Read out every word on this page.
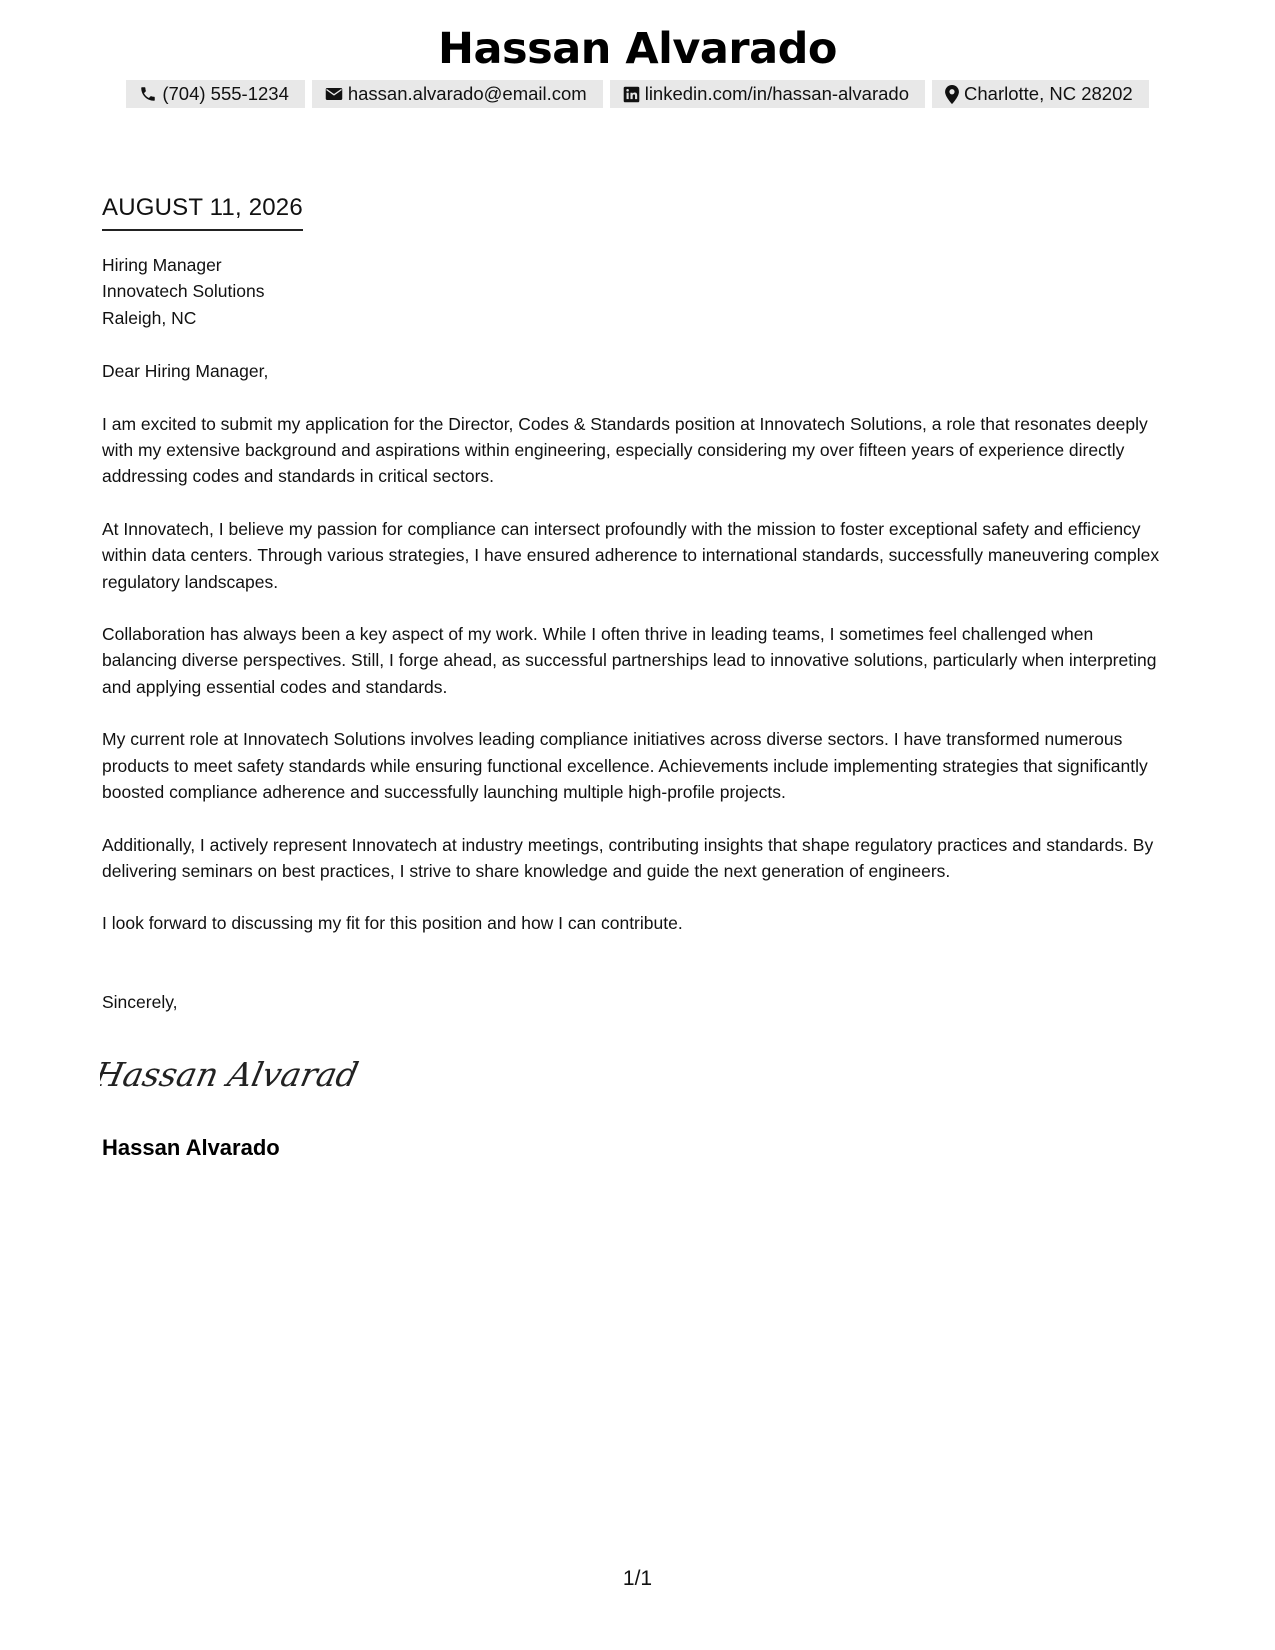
Hassan Alvarado
(704) 555-1234	hassan.alvarado@email.com	linkedin.com/in/hassan-alvarado	Charlotte, NC 28202
AUGUST 11, 2026
Hiring Manager
Innovatech Solutions
Raleigh, NC

Dear Hiring Manager,

I am excited to submit my application for the Director, Codes & Standards position at Innovatech Solutions, a role that resonates deeply with my extensive background and aspirations within engineering, especially considering my over fifteen years of experience directly addressing codes and standards in critical sectors.

At Innovatech, I believe my passion for compliance can intersect profoundly with the mission to foster exceptional safety and efficiency within data centers. Through various strategies, I have ensured adherence to international standards, successfully maneuvering complex regulatory landscapes.

Collaboration has always been a key aspect of my work. While I often thrive in leading teams, I sometimes feel challenged when balancing diverse perspectives. Still, I forge ahead, as successful partnerships lead to innovative solutions, particularly when interpreting and applying essential codes and standards.

My current role at Innovatech Solutions involves leading compliance initiatives across diverse sectors. I have transformed numerous products to meet safety standards while ensuring functional excellence. Achievements include implementing strategies that significantly boosted compliance adherence and successfully launching multiple high-profile projects.

Additionally, I actively represent Innovatech at industry meetings, contributing insights that shape regulatory practices and standards. By delivering seminars on best practices, I strive to share knowledge and guide the next generation of engineers.

I look forward to discussing my fit for this position and how I can contribute.

Sincerely,
Hassan Alvarad
Hassan Alvarado
1/1
